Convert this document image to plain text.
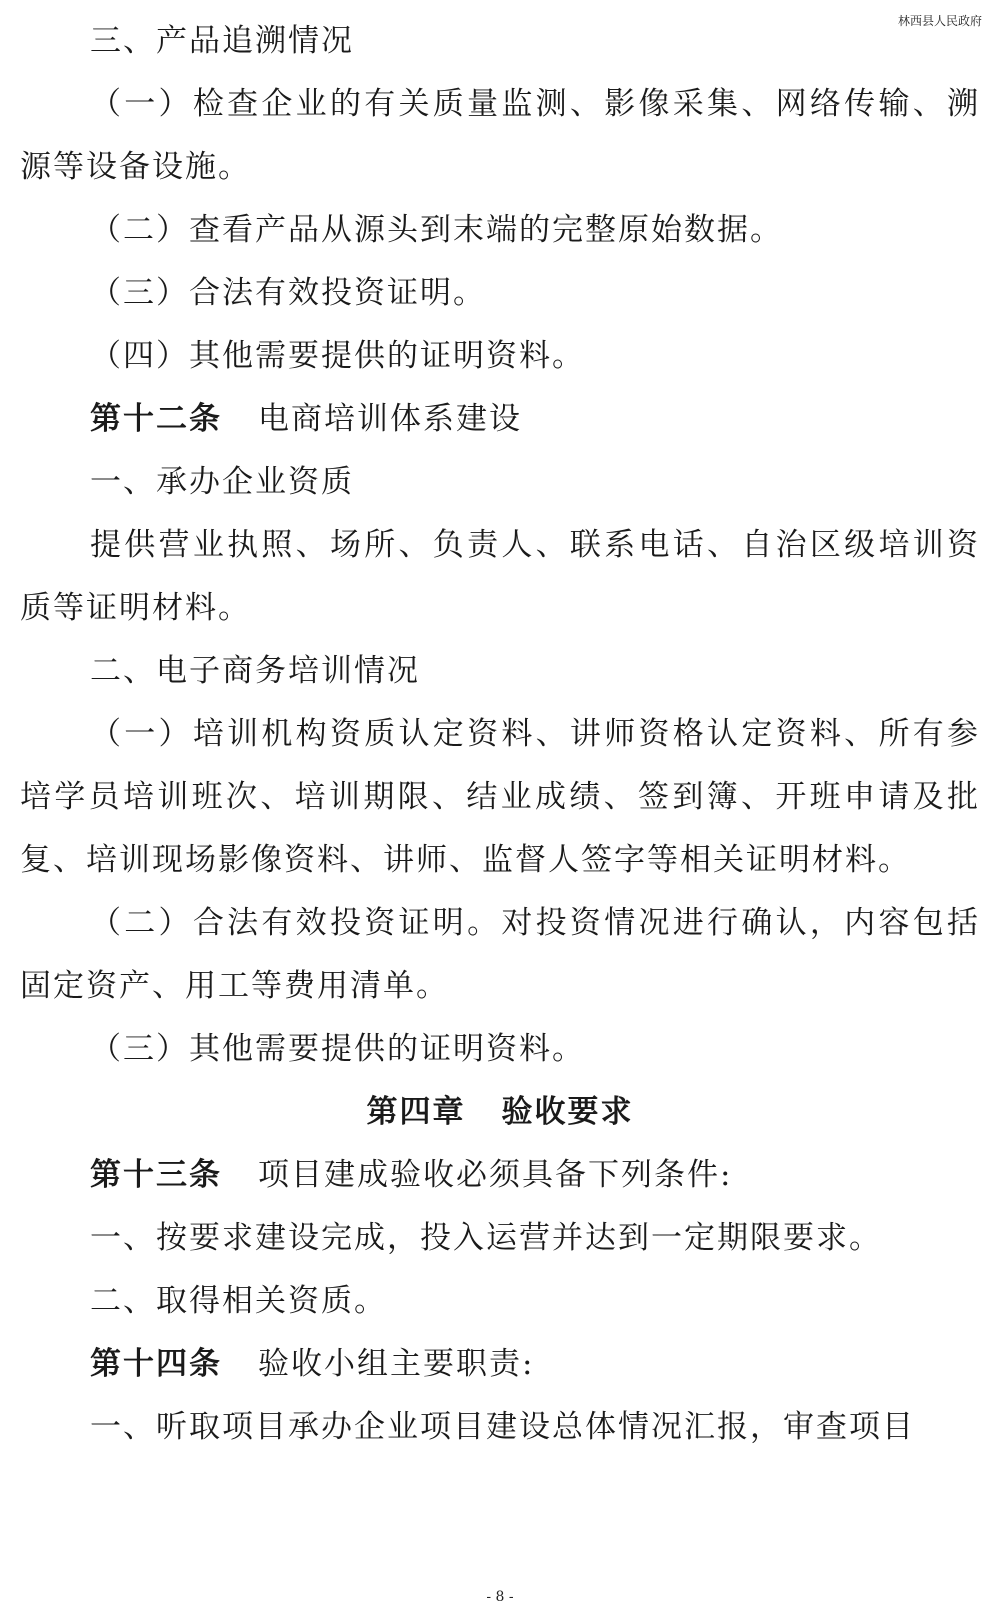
林西县人民政府

三、产品追溯情况

（一）检查企业的有关质量监测、影像采集、网络传输、溯源等设备设施。

（二）查看产品从源头到末端的完整原始数据。

（三）合法有效投资证明。

（四）其他需要提供的证明资料。

第十二条 电商培训体系建设

一、承办企业资质

提供营业执照、场所、负责人、联系电话、自治区级培训资质等证明材料。

二、电子商务培训情况

（一）培训机构资质认定资料、讲师资格认定资料、所有参培学员培训班次、培训期限、结业成绩、签到簿、开班申请及批复、培训现场影像资料、讲师、监督人签字等相关证明材料。

（二）合法有效投资证明。对投资情况进行确认，内容包括固定资产、用工等费用清单。

（三）其他需要提供的证明资料。

第四章 验收要求

第十三条 项目建成验收必须具备下列条件:

一、按要求建设完成，投入运营并达到一定期限要求。

二、取得相关资质。

第十四条 验收小组主要职责:

一、听取项目承办企业项目建设总体情况汇报，审查项目

- 8 -
